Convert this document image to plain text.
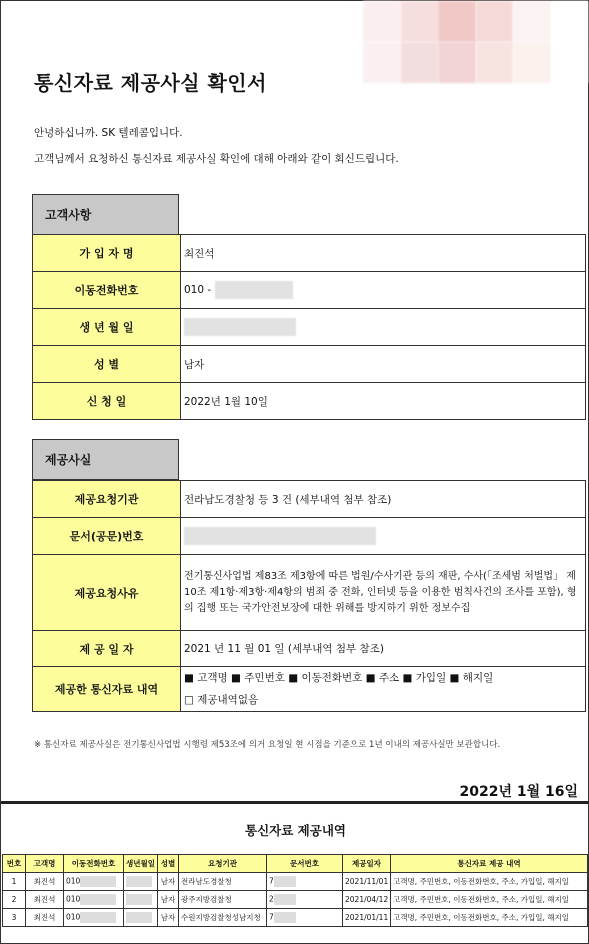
통신자료 제공사실 확인서
안녕하십니까. SK 텔레콤입니다.
고객님께서 요청하신 통신자료 제공사실 확인에 대해 아래와 같이 회신드립니다.
고객사항
가 입 자 명	최진석
이동전화번호	010 -
생 년 월 일	
성 별	남자
신 청 일	2022년 1월 10일
제공사실
제공요청기관	전라남도경찰청 등 3 건 (세부내역 첨부 참조)
문서(공문)번호	
제공요청사유	전기통신사업법 제83조 제3항에 따른 법원/수사기관 등의 재판, 수사(「조세범 처벌법」 제10조 제1항·제3항·제4항의 범죄 중 전화, 인터넷 등을 이용한 범칙사건의 조사를 포함), 형의 집행 또는 국가안전보장에 대한 위해를 방지하기 위한 정보수집
제 공 일 자	2021 년 11 월 01 일 (세부내역 첨부 참조)
제공한 통신자료 내역	■ 고객명 ■ 주민번호 ■ 이동전화번호 ■ 주소 ■ 가입일 ■ 해지일
□ 제공내역없음
※ 통신자료 제공사실은 전기통신사업법 시행령 제53조에 의거 요청일 현 시점을 기준으로 1년 이내의 제공사실만 보관합니다.
2022년 1월 16일
통신자료 제공내역
번호	고객명	이동전화번호	생년월일	성별	요청기관	문서번호	제공일자	통신자료 제공 내역
1	최진석	010		남자	전라남도경찰청	7	2021/11/01	고객명, 주민번호, 이동전화번호, 주소, 가입일, 해지일
2	최진석	010		남자	광주지방검찰청	2	2021/04/12	고객명, 주민번호, 이동전화번호, 주소, 가입일, 해지일
3	최진석	010		남자	수원지방검찰청성남지청	7	2021/01/11	고객명, 주민번호, 이동전화번호, 주소, 가입일, 해지일
